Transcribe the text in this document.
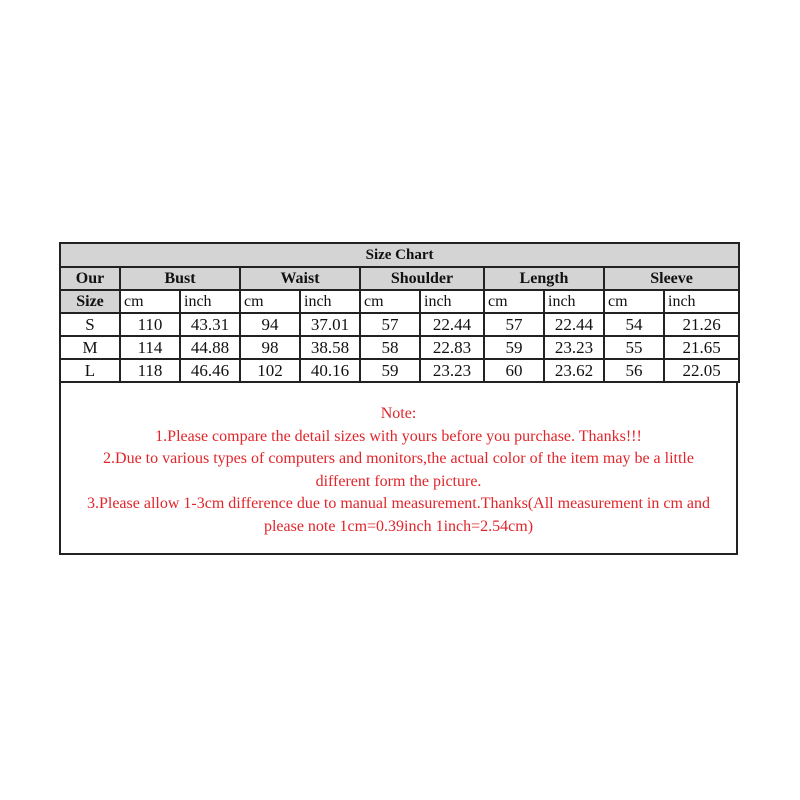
Size Chart										
Our	Bust		Waist		Shoulder		Length		Sleeve	
Size	cm	inch	cm	inch	cm	inch	cm	inch	cm	inch
S	110	43.31	94	37.01	57	22.44	57	22.44	54	21.26
M	114	44.88	98	38.58	58	22.83	59	23.23	55	21.65
L	118	46.46	102	40.16	59	23.23	60	23.62	56	22.05
Note:
1.Please compare the detail sizes with yours before you purchase. Thanks!!!
2.Due to various types of computers and monitors,the actual color of the item may be a little
different form the picture.
3.Please allow 1-3cm difference due to manual measurement.Thanks(All measurement in cm and
please note 1cm=0.39inch 1inch=2.54cm)
